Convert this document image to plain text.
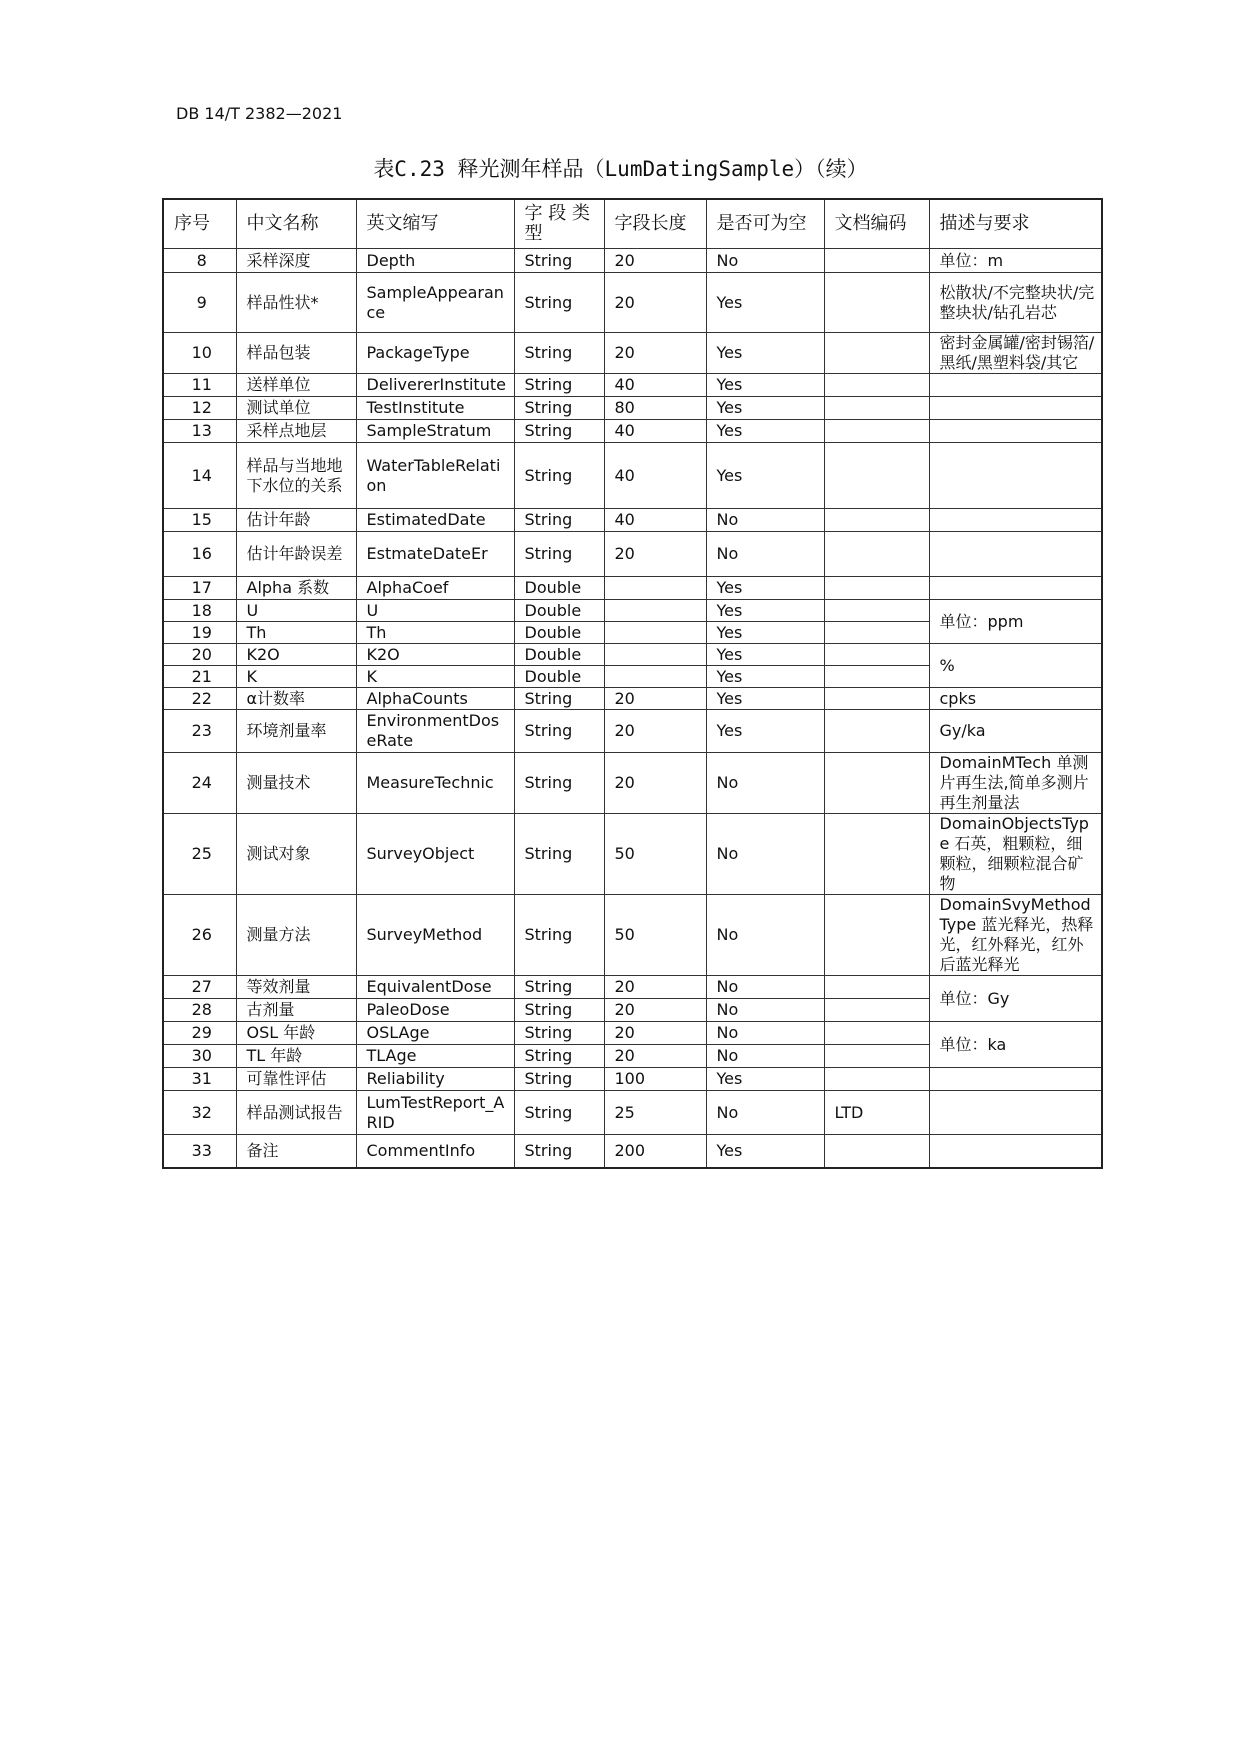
DB 14/T 2382—2021
表C.23 释光测年样品（LumDatingSample）（续）
序号	中文名称	英文缩写	字 段 类 型	字段长度	是否可为空	文档编码	描述与要求
8	采样深度	Depth	String	20	No		单位：m
9	样品性状*	SampleAppearance	String	20	Yes		松散状/不完整块状/完整块状/钻孔岩芯
10	样品包装	PackageType	String	20	Yes		密封金属罐/密封锡箔/黑纸/黑塑料袋/其它
11	送样单位	DelivererInstitute	String	40	Yes		
12	测试单位	TestInstitute	String	80	Yes		
13	采样点地层	SampleStratum	String	40	Yes		
14	样品与当地地下水位的关系	WaterTableRelation	String	40	Yes		
15	估计年龄	EstimatedDate	String	40	No		
16	估计年龄误差	EstmateDateEr	String	20	No		
17	Alpha 系数	AlphaCoef	Double		Yes		
18	U	U	Double		Yes		单位：ppm
19	Th	Th	Double		Yes		
20	K2O	K2O	Double		Yes		%
21	K	K	Double		Yes		
22	α计数率	AlphaCounts	String	20	Yes		cpks
23	环境剂量率	EnvironmentDoseRate	String	20	Yes		Gy/ka
24	测量技术	MeasureTechnic	String	20	No		DomainMTech 单测片再生法,简单多测片再生剂量法
25	测试对象	SurveyObject	String	50	No		DomainObjectsType 石英，粗颗粒，细颗粒，细颗粒混合矿物
26	测量方法	SurveyMethod	String	50	No		DomainSvyMethodType 蓝光释光，热释光，红外释光，红外后蓝光释光
27	等效剂量	EquivalentDose	String	20	No		单位：Gy
28	古剂量	PaleoDose	String	20	No		
29	OSL 年龄	OSLAge	String	20	No		单位：ka
30	TL 年龄	TLAge	String	20	No		
31	可靠性评估	Reliability	String	100	Yes		
32	样品测试报告	LumTestReport_ARID	String	25	No	LTD	
33	备注	CommentInfo	String	200	Yes		
